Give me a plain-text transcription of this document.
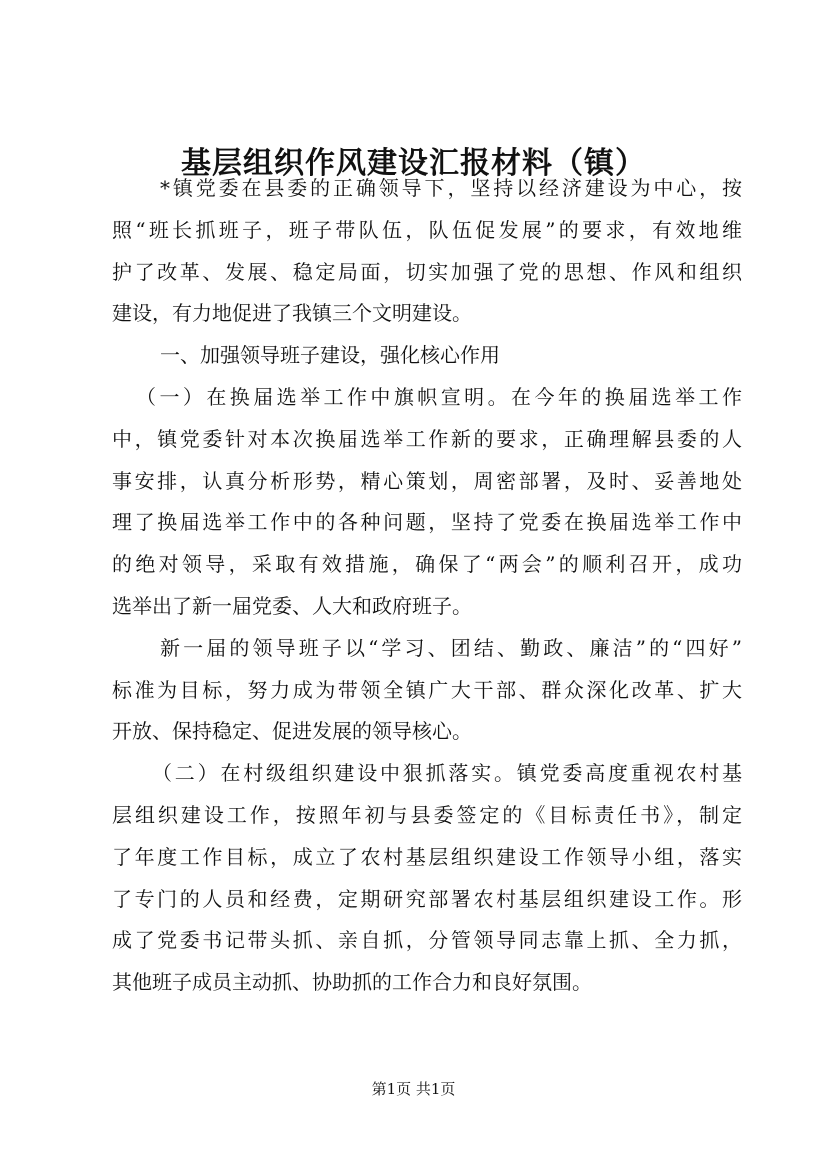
基层组织作风建设汇报材料（镇）
*镇党委在县委的正确领导下，坚持以经济建设为中心，按
照“班长抓班子，班子带队伍，队伍促发展”的要求，有效地维
护了改革、发展、稳定局面，切实加强了党的思想、作风和组织
建设，有力地促进了我镇三个文明建设。
一、加强领导班子建设，强化核心作用
（一）在换届选举工作中旗帜宣明。在今年的换届选举工作
中，镇党委针对本次换届选举工作新的要求，正确理解县委的人
事安排，认真分析形势，精心策划，周密部署，及时、妥善地处
理了换届选举工作中的各种问题，坚持了党委在换届选举工作中
的绝对领导，采取有效措施，确保了“两会”的顺利召开，成功
选举出了新一届党委、人大和政府班子。
新一届的领导班子以“学习、团结、勤政、廉洁”的“四好”
标准为目标，努力成为带领全镇广大干部、群众深化改革、扩大
开放、保持稳定、促进发展的领导核心。
（二）在村级组织建设中狠抓落实。镇党委高度重视农村基
层组织建设工作，按照年初与县委签定的《目标责任书》，制定
了年度工作目标，成立了农村基层组织建设工作领导小组，落实
了专门的人员和经费，定期研究部署农村基层组织建设工作。形
成了党委书记带头抓、亲自抓，分管领导同志靠上抓、全力抓，
其他班子成员主动抓、协助抓的工作合力和良好氛围。
第1页 共1页
